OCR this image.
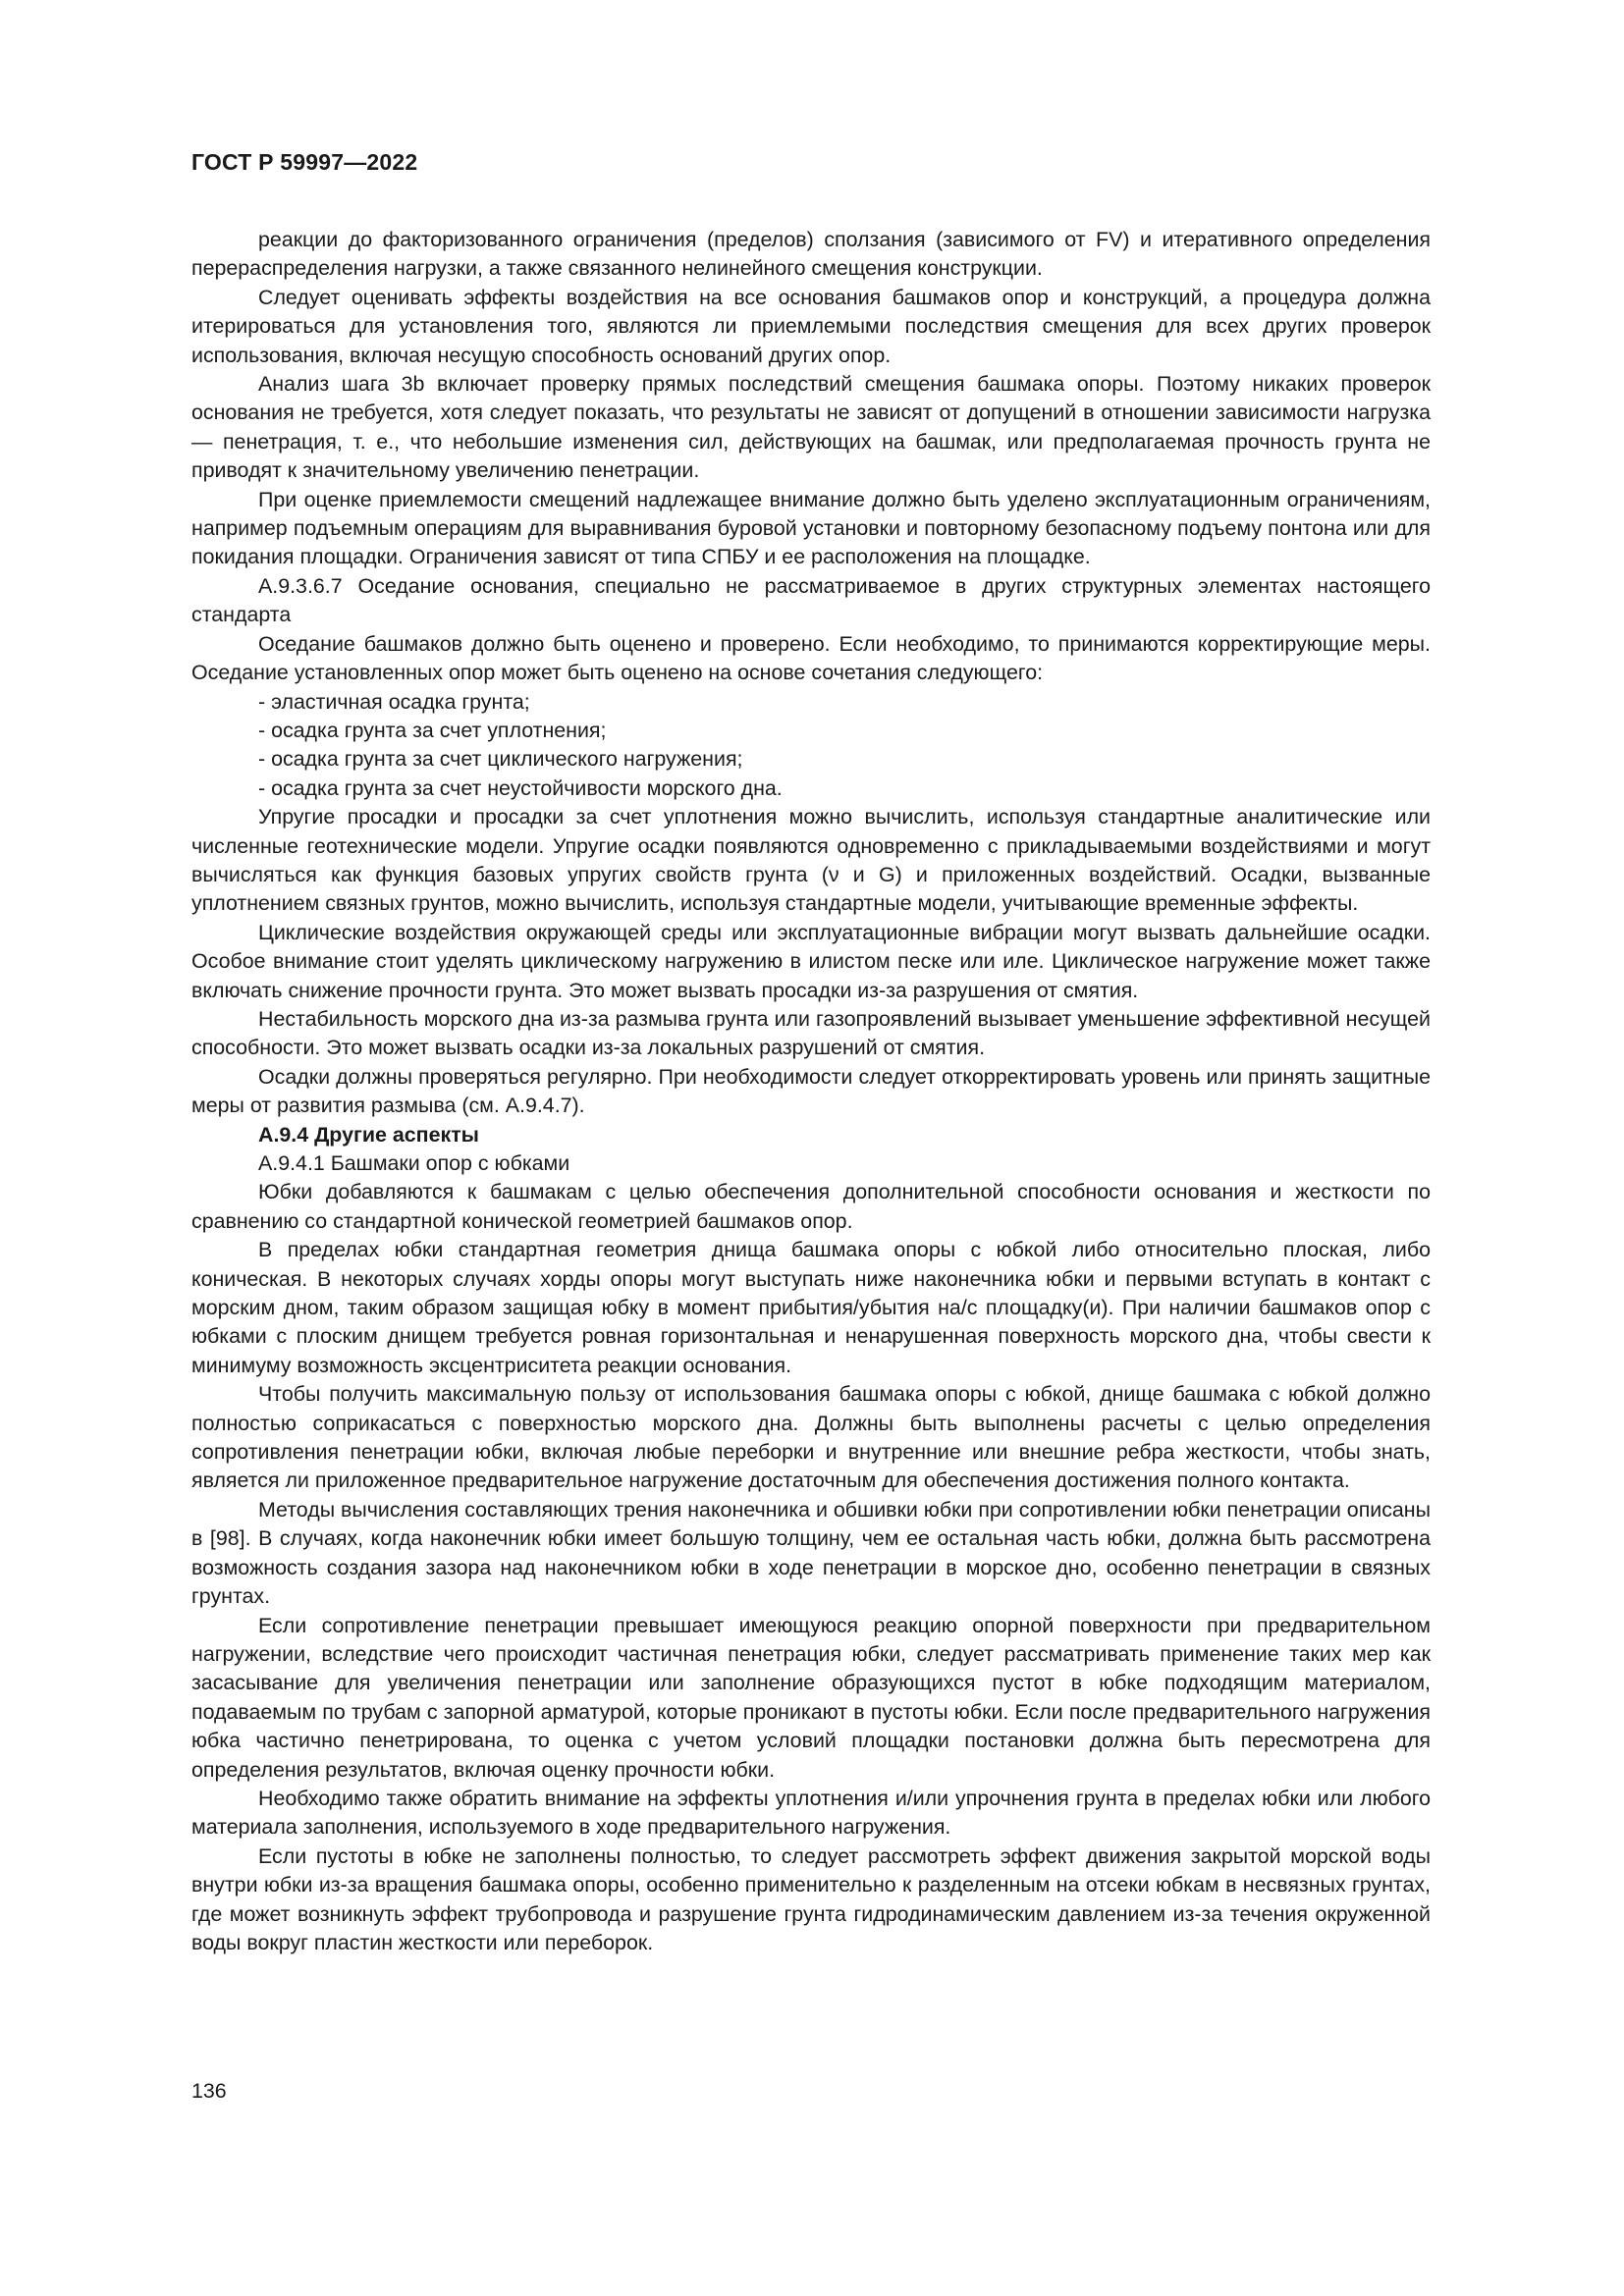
ГОСТ Р 59997—2022

реакции до факторизованного ограничения (пределов) сползания (зависимого от FV) и итеративного определения перераспределения нагрузки, а также связанного нелинейного смещения конструкции.

Следует оценивать эффекты воздействия на все основания башмаков опор и конструкций, а процедура должна итерироваться для установления того, являются ли приемлемыми последствия смещения для всех других проверок использования, включая несущую способность оснований других опор.

Анализ шага 3b включает проверку прямых последствий смещения башмака опоры. Поэтому никаких проверок основания не требуется, хотя следует показать, что результаты не зависят от допущений в отношении зависимости нагрузка — пенетрация, т. е., что небольшие изменения сил, действующих на башмак, или предполагаемая прочность грунта не приводят к значительному увеличению пенетрации.

При оценке приемлемости смещений надлежащее внимание должно быть уделено эксплуатационным ограничениям, например подъемным операциям для выравнивания буровой установки и повторному безопасному подъему понтона или для покидания площадки. Ограничения зависят от типа СПБУ и ее расположения на площадке.

А.9.3.6.7 Оседание основания, специально не рассматриваемое в других структурных элементах настоящего стандарта

Оседание башмаков должно быть оценено и проверено. Если необходимо, то принимаются корректирующие меры. Оседание установленных опор может быть оценено на основе сочетания следующего:

- эластичная осадка грунта;

- осадка грунта за счет уплотнения;

- осадка грунта за счет циклического нагружения;

- осадка грунта за счет неустойчивости морского дна.

Упругие просадки и просадки за счет уплотнения можно вычислить, используя стандартные аналитические или численные геотехнические модели. Упругие осадки появляются одновременно с прикладываемыми воздействиями и могут вычисляться как функция базовых упругих свойств грунта (ν и G) и приложенных воздействий. Осадки, вызванные уплотнением связных грунтов, можно вычислить, используя стандартные модели, учитывающие временные эффекты.

Циклические воздействия окружающей среды или эксплуатационные вибрации могут вызвать дальнейшие осадки. Особое внимание стоит уделять циклическому нагружению в илистом песке или иле. Циклическое нагружение может также включать снижение прочности грунта. Это может вызвать просадки из-за разрушения от смятия.

Нестабильность морского дна из-за размыва грунта или газопроявлений вызывает уменьшение эффективной несущей способности. Это может вызвать осадки из-за локальных разрушений от смятия.

Осадки должны проверяться регулярно. При необходимости следует откорректировать уровень или принять защитные меры от развития размыва (см. А.9.4.7).

А.9.4 Другие аспекты

А.9.4.1 Башмаки опор с юбками

Юбки добавляются к башмакам с целью обеспечения дополнительной способности основания и жесткости по сравнению со стандартной конической геометрией башмаков опор.

В пределах юбки стандартная геометрия днища башмака опоры с юбкой либо относительно плоская, либо коническая. В некоторых случаях хорды опоры могут выступать ниже наконечника юбки и первыми вступать в контакт с морским дном, таким образом защищая юбку в момент прибытия/убытия на/с площадку(и). При наличии башмаков опор с юбками с плоским днищем требуется ровная горизонтальная и ненарушенная поверхность морского дна, чтобы свести к минимуму возможность эксцентриситета реакции основания.

Чтобы получить максимальную пользу от использования башмака опоры с юбкой, днище башмака с юбкой должно полностью соприкасаться с поверхностью морского дна. Должны быть выполнены расчеты с целью определения сопротивления пенетрации юбки, включая любые переборки и внутренние или внешние ребра жесткости, чтобы знать, является ли приложенное предварительное нагружение достаточным для обеспечения достижения полного контакта.

Методы вычисления составляющих трения наконечника и обшивки юбки при сопротивлении юбки пенетрации описаны в [98]. В случаях, когда наконечник юбки имеет большую толщину, чем ее остальная часть юбки, должна быть рассмотрена возможность создания зазора над наконечником юбки в ходе пенетрации в морское дно, особенно пенетрации в связных грунтах.

Если сопротивление пенетрации превышает имеющуюся реакцию опорной поверхности при предварительном нагружении, вследствие чего происходит частичная пенетрация юбки, следует рассматривать применение таких мер как засасывание для увеличения пенетрации или заполнение образующихся пустот в юбке подходящим материалом, подаваемым по трубам с запорной арматурой, которые проникают в пустоты юбки. Если после предварительного нагружения юбка частично пенетрирована, то оценка с учетом условий площадки постановки должна быть пересмотрена для определения результатов, включая оценку прочности юбки.

Необходимо также обратить внимание на эффекты уплотнения и/или упрочнения грунта в пределах юбки или любого материала заполнения, используемого в ходе предварительного нагружения.

Если пустоты в юбке не заполнены полностью, то следует рассмотреть эффект движения закрытой морской воды внутри юбки из-за вращения башмака опоры, особенно применительно к разделенным на отсеки юбкам в несвязных грунтах, где может возникнуть эффект трубопровода и разрушение грунта гидродинамическим давлением из-за течения окруженной воды вокруг пластин жесткости или переборок.

136
